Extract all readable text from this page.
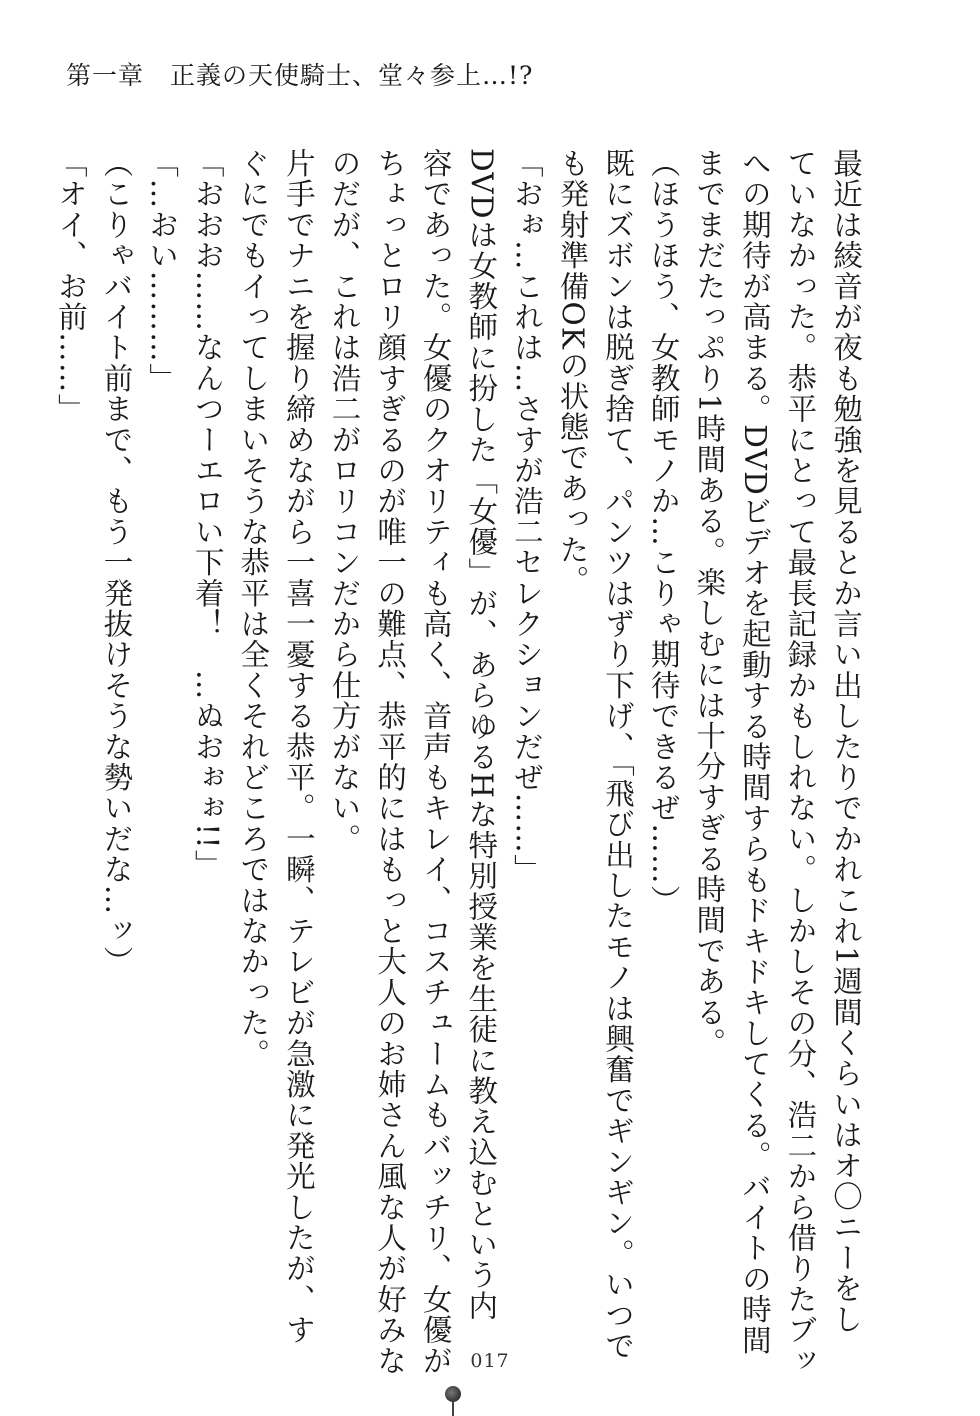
第一章　正義の天使騎士、堂々参上…!?

最近は綾音が夜も勉強を見るとか言い出したりでかれこれ1週間くらいはオ〇ニーをし

ていなかった。恭平にとって最長記録かもしれない。しかしその分、浩二から借りたブッ

への期待が高まる。DVDビデオを起動する時間すらもドキドキしてくる。バイトの時間

までまだたっぷり1時間ある。楽しむには十分すぎる時間である。

（ほうほう、女教師モノか…こりゃ期待できるぜ……）

既にズボンは脱ぎ捨て、パンツはずり下げ、「飛び出したモノは興奮でギンギン。いつで

も発射準備OKの状態であった。

「おぉ…これは…さすが浩二セレクションだぜ……」

DVDは女教師に扮した「女優」が、あらゆるHな特別授業を生徒に教え込むという内

容であった。女優のクオリティも高く、音声もキレイ、コスチュームもバッチリ、女優が

ちょっとロリ顔すぎるのが唯一の難点、恭平的にはもっと大人のお姉さん風な人が好みな

のだが、これは浩二がロリコンだから仕方がない。

片手でナニを握り締めながら一喜一憂する恭平。一瞬、テレビが急激に発光したが、す

ぐにでもイってしまいそうな恭平は全くそれどころではなかった。

「おおお……なんつーエロい下着！　…ぬおぉぉ!!」

「…おい………」

（こりゃバイト前まで、もう一発抜けそうな勢いだな…ッ）

「オイ、お前……」

017
